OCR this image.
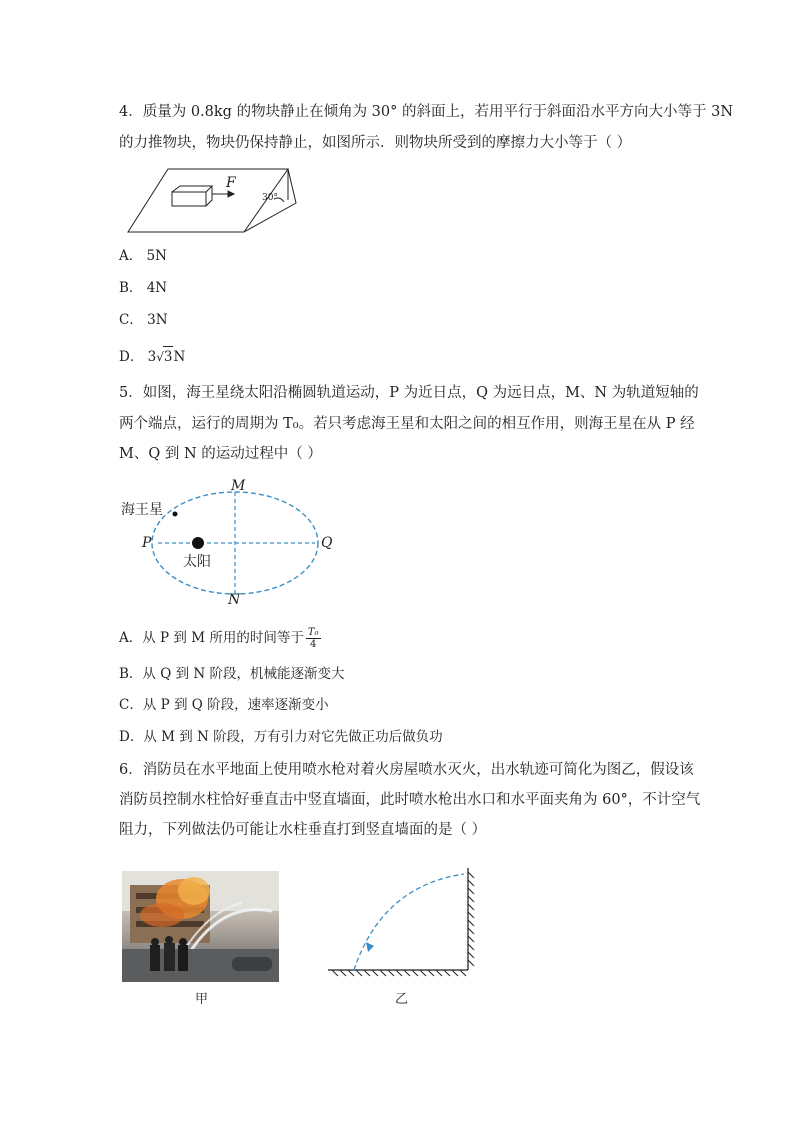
4．质量为 0.8kg 的物块静止在倾角为 30° 的斜面上，若用平行于斜面沿水平方向大小等于 3N
的力推物块，物块仍保持静止，如图所示．则物块所受到的摩擦力大小等于（ ）
F
30°
A． 5N
B． 4N
C． 3N
D． 3√3N
5．如图，海王星绕太阳沿椭圆轨道运动，P 为近日点，Q 为远日点，M、N 为轨道短轴的
两个端点，运行的周期为 T₀。若只考虑海王星和太阳之间的相互作用，则海王星在从 P 经
M、Q 到 N 的运动过程中（ ）
海王星
太阳
P	Q
M
N
A．从 P 到 M 所用的时间等于 $\frac{\text{T₀}}{4}$
B．从 Q 到 N 阶段，机械能逐渐变大
C．从 P 到 Q 阶段，速率逐渐变小
D．从 M 到 N 阶段，万有引力对它先做正功后做负功
6．消防员在水平地面上使用喷水枪对着火房屋喷水灭火，出水轨迹可简化为图乙，假设该
消防员控制水柱恰好垂直击中竖直墙面，此时喷水枪出水口和水平面夹角为 60°，不计空气
阻力，下列做法仍可能让水柱垂直打到竖直墙面的是（ ）
甲	乙
